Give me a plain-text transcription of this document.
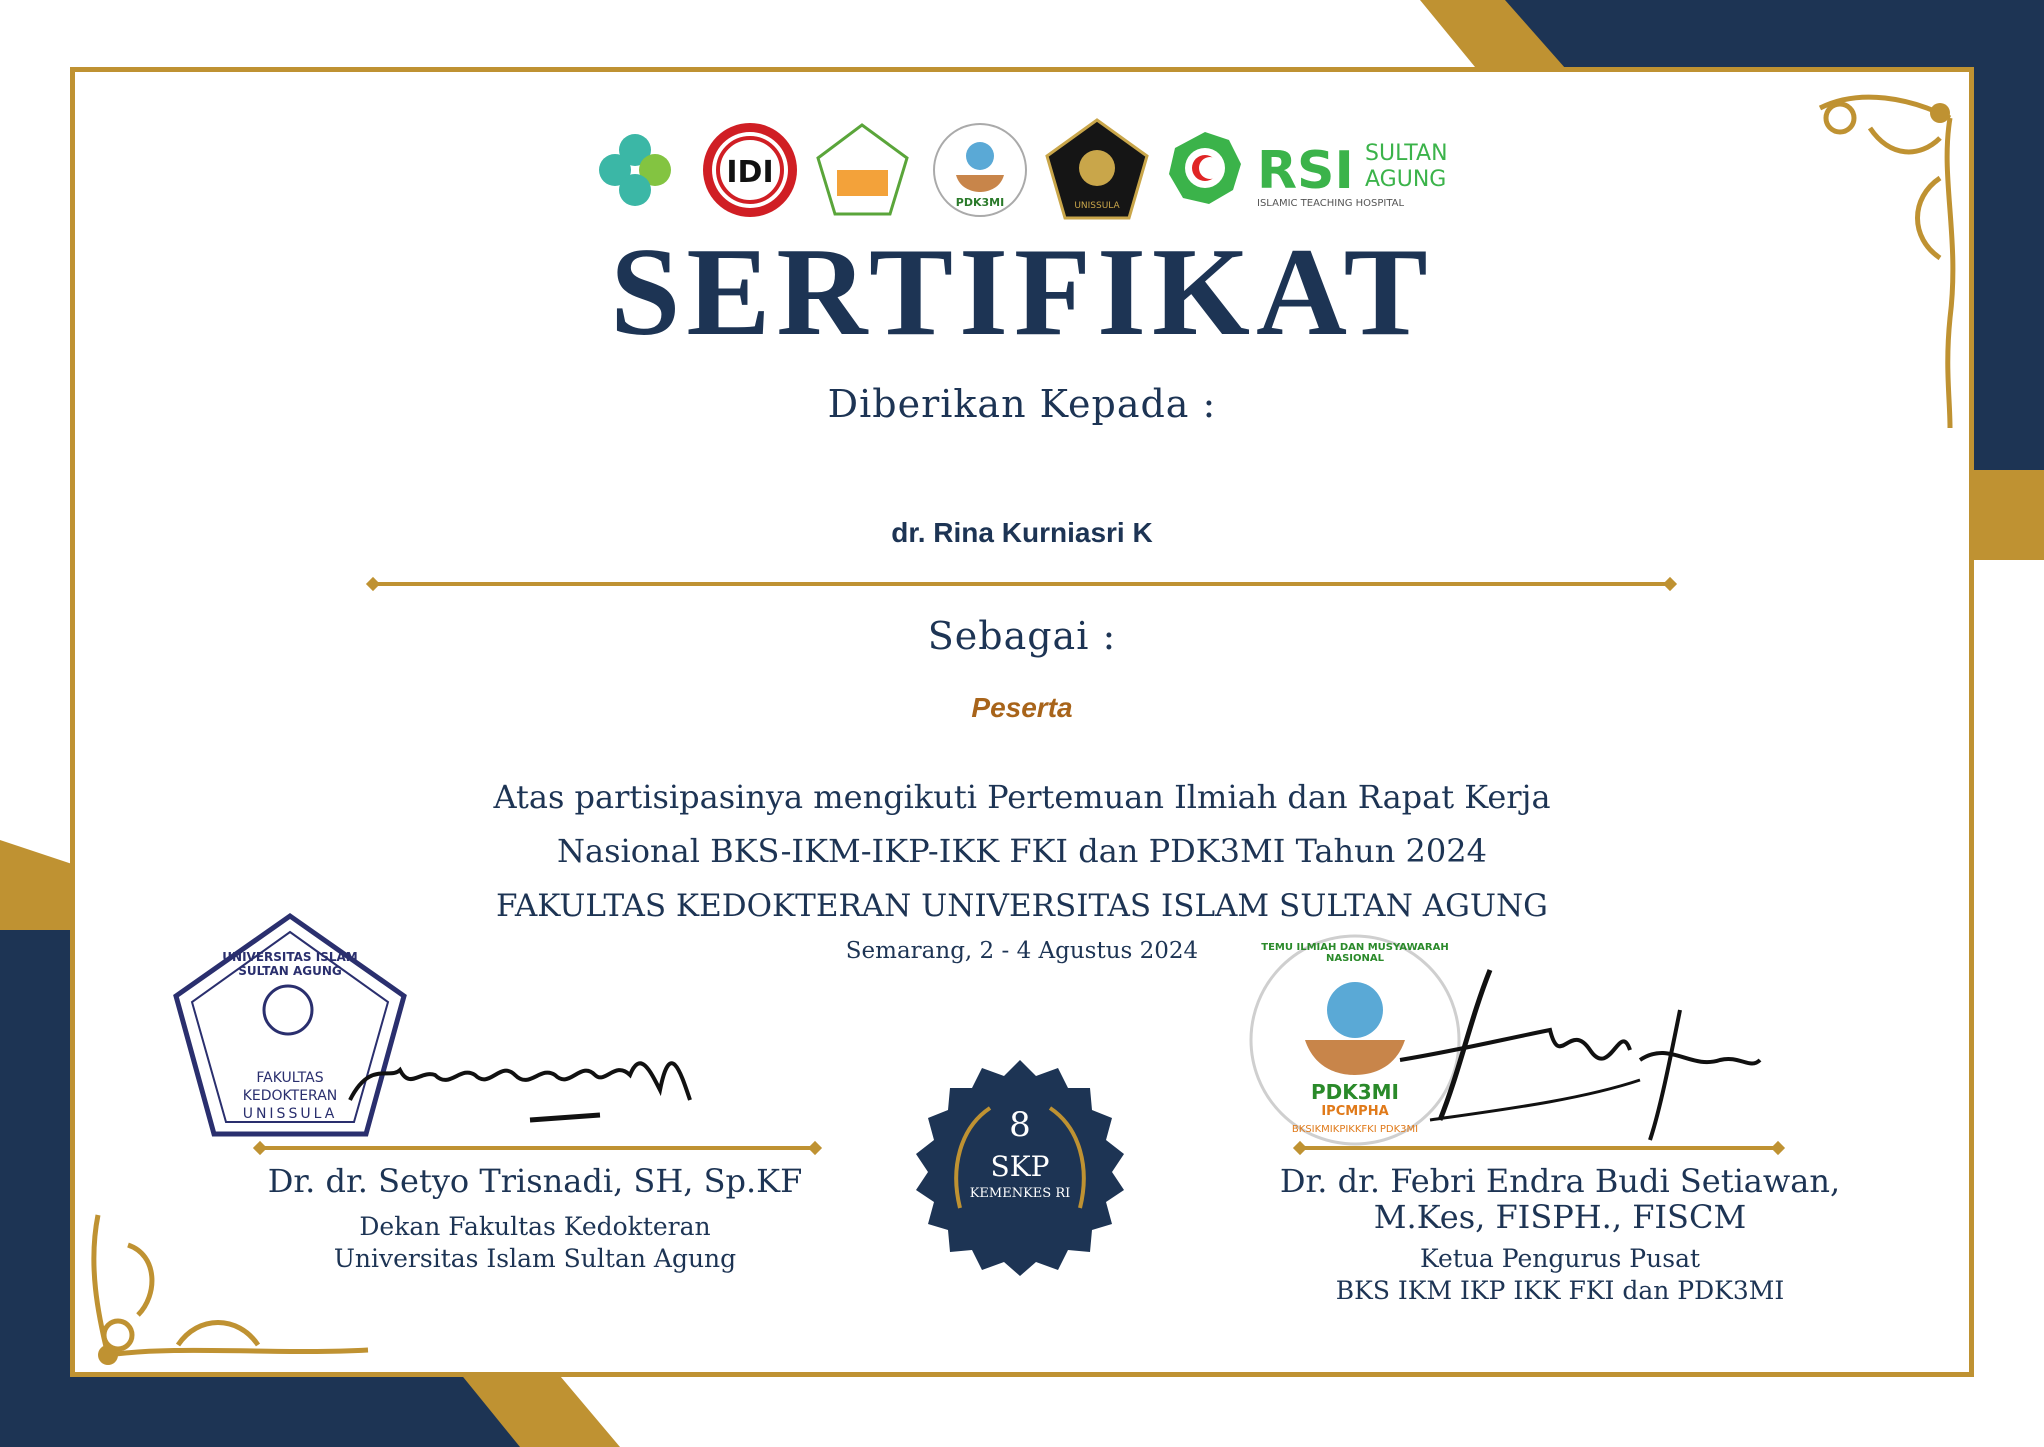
IDI
PDK3MI	UNISSULA
RSI SULTAN
AGUNG
ISLAMIC TEACHING HOSPITAL
SERTIFIKAT
Diberikan Kepada :
dr. Rina Kurniasri K
Sebagai :
Peserta
Atas partisipasinya mengikuti Pertemuan Ilmiah dan Rapat Kerja
Nasional BKS-IKM-IKP-IKK FKI dan PDK3MI Tahun 2024
FAKULTAS KEDOKTERAN UNIVERSITAS ISLAM SULTAN AGUNG
Semarang, 2 - 4 Agustus 2024
UNIVERSITAS ISLAM SULTAN AGUNG
FAKULTAS
KEDOKTERAN
UNISSULA
Dr. dr. Setyo Trisnadi, SH, Sp.KF
Dekan Fakultas Kedokteran
Universitas Islam Sultan Agung
8
SKP
KEMENKES RI
TEMU ILMIAH DAN MUSYAWARAH NASIONAL
PDK3MI
IPCMPHA
BKSIKMIKPIKKFKI PDK3MI
Dr. dr. Febri Endra Budi Setiawan,
M.Kes, FISPH., FISCM
Ketua Pengurus Pusat
BKS IKM IKP IKK FKI dan PDK3MI
